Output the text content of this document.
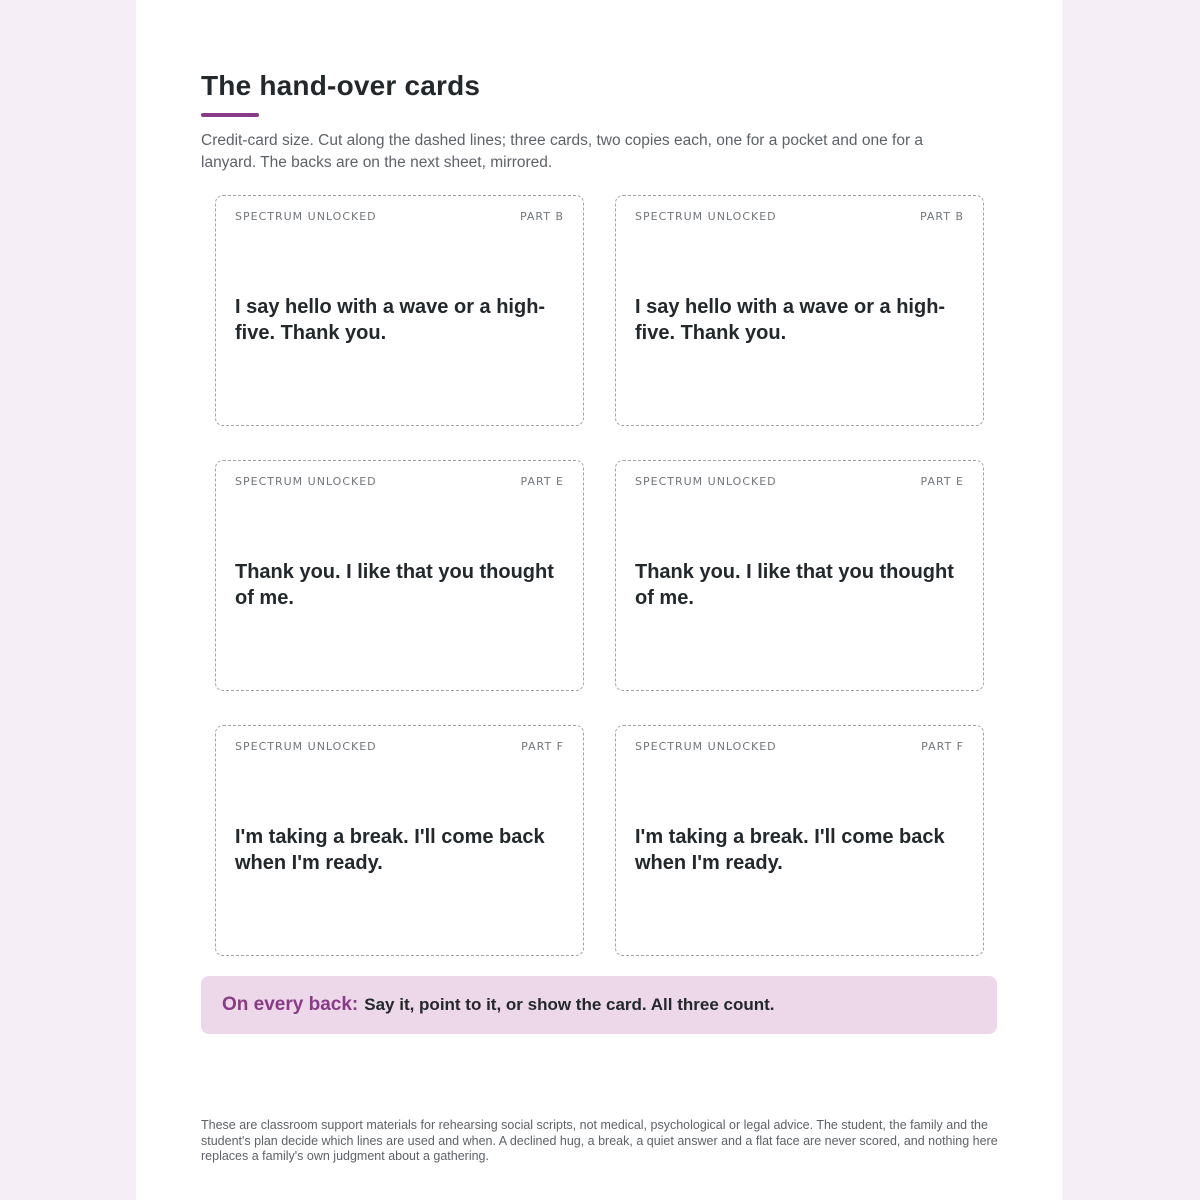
The hand-over cards

Credit-card size. Cut along the dashed lines; three cards, two copies each, one for a pocket and one for a lanyard. The backs are on the next sheet, mirrored.

SPECTRUM UNLOCKED	PART B

I say hello with a wave or a high-five. Thank you.

SPECTRUM UNLOCKED	PART B

I say hello with a wave or a high-five. Thank you.

SPECTRUM UNLOCKED	PART E

Thank you. I like that you thought of me.

SPECTRUM UNLOCKED	PART E

Thank you. I like that you thought of me.

SPECTRUM UNLOCKED	PART F

I'm taking a break. I'll come back when I'm ready.

SPECTRUM UNLOCKED	PART F

I'm taking a break. I'll come back when I'm ready.

On every back: Say it, point to it, or show the card. All three count.

These are classroom support materials for rehearsing social scripts, not medical, psychological or legal advice. The student, the family and the student's plan decide which lines are used and when. A declined hug, a break, a quiet answer and a flat face are never scored, and nothing here replaces a family's own judgment about a gathering.
